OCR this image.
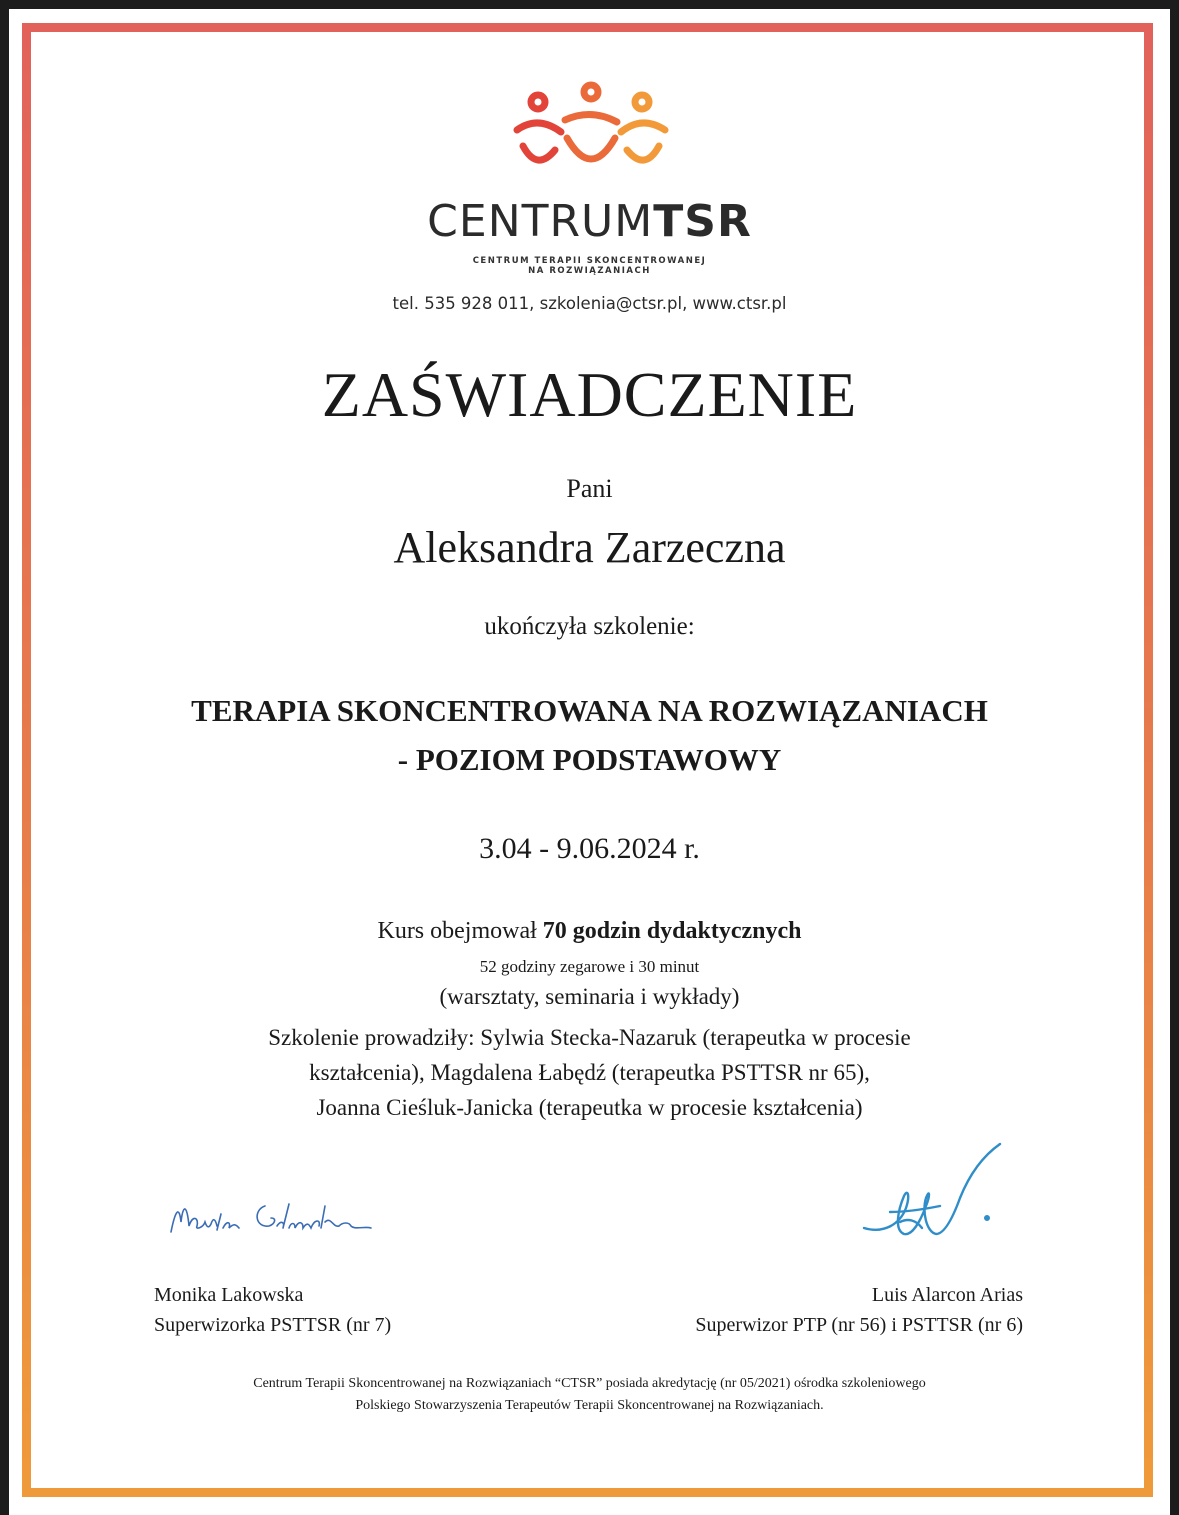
CENTRUMTSR
CENTRUM TERAPII SKONCENTROWANEJ
NA ROZWIĄZANIACH
tel. 535 928 011, szkolenia@ctsr.pl, www.ctsr.pl
ZAŚWIADCZENIE
Pani
Aleksandra Zarzeczna
ukończyła szkolenie:
TERAPIA SKONCENTROWANA NA ROZWIĄZANIACH
- POZIOM PODSTAWOWY
3.04 - 9.06.2024 r.
Kurs obejmował 70 godzin dydaktycznych
52 godziny zegarowe i 30 minut
(warsztaty, seminaria i wykłady)
Szkolenie prowadziły: Sylwia Stecka-Nazaruk (terapeutka w procesie
kształcenia), Magdalena Łabędź (terapeutka PSTTSR nr 65),
Joanna Cieśluk-Janicka (terapeutka w procesie kształcenia)
Monika Lakowska
Superwizorka PSTTSR (nr 7)
Luis Alarcon Arias
Superwizor PTP (nr 56) i PSTTSR (nr 6)
Centrum Terapii Skoncentrowanej na Rozwiązaniach “CTSR” posiada akredytację (nr 05/2021) ośrodka szkoleniowego
Polskiego Stowarzyszenia Terapeutów Terapii Skoncentrowanej na Rozwiązaniach.
